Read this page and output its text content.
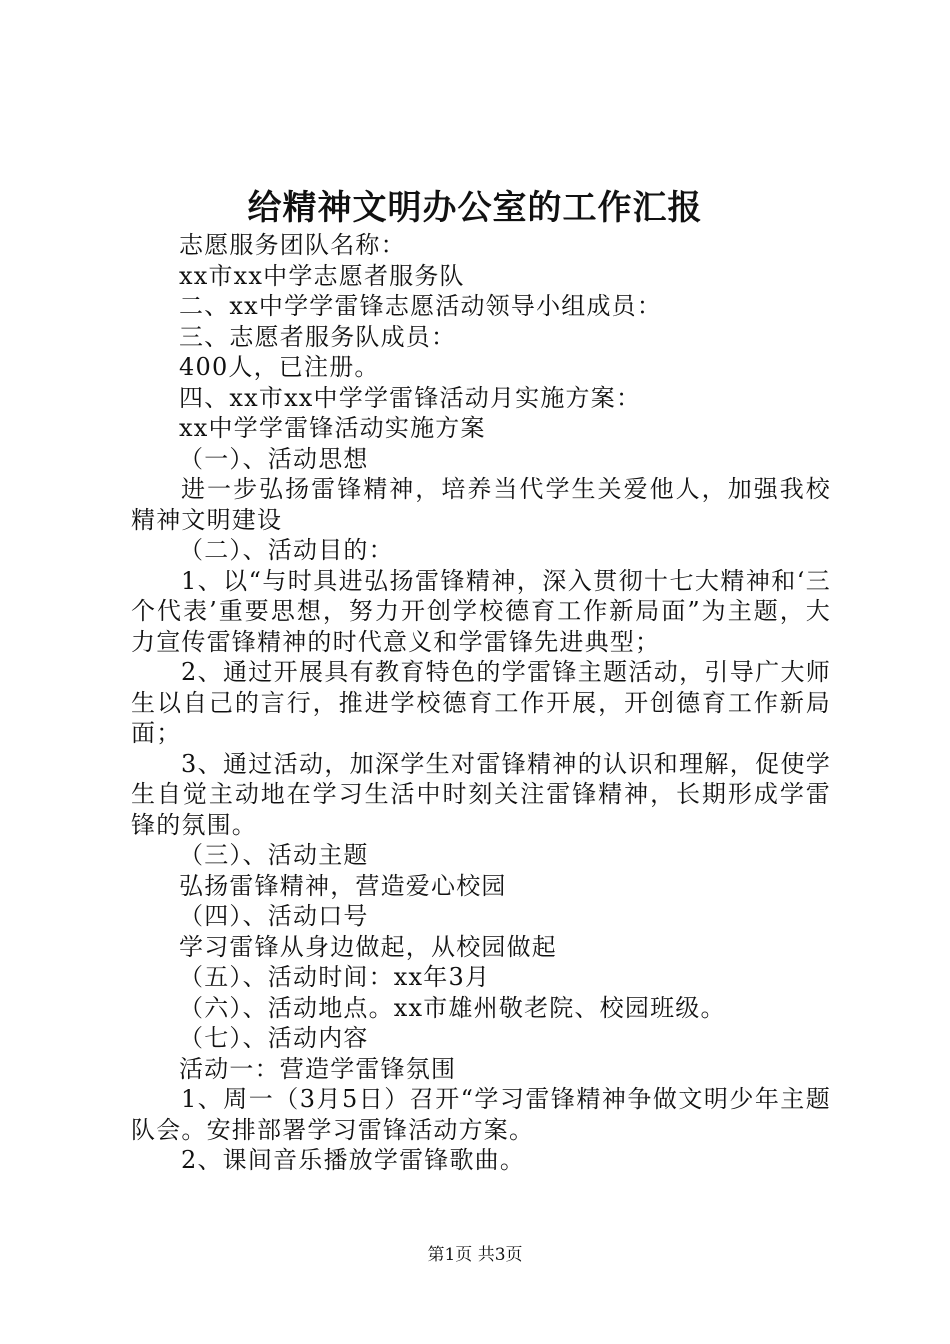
给精神文明办公室的工作汇报

志愿服务团队名称：

xx市xx中学志愿者服务队

二、xx中学学雷锋志愿活动领导小组成员：

三、志愿者服务队成员：

400人，已注册。

四、xx市xx中学学雷锋活动月实施方案：

xx中学学雷锋活动实施方案

（一）、活动思想

进一步弘扬雷锋精神，培养当代学生关爱他人，加强我校精神文明建设

（二）、活动目的：

1、以“与时具进弘扬雷锋精神，深入贯彻十七大精神和‘三个代表’重要思想，努力开创学校德育工作新局面”为主题，大力宣传雷锋精神的时代意义和学雷锋先进典型；

2、通过开展具有教育特色的学雷锋主题活动，引导广大师生以自己的言行，推进学校德育工作开展，开创德育工作新局面；

3、通过活动，加深学生对雷锋精神的认识和理解，促使学生自觉主动地在学习生活中时刻关注雷锋精神，长期形成学雷锋的氛围。

（三）、活动主题

弘扬雷锋精神，营造爱心校园

（四）、活动口号

学习雷锋从身边做起，从校园做起

（五）、活动时间：xx年3月

（六）、活动地点。xx市雄州敬老院、校园班级。

（七）、活动内容

活动一：营造学雷锋氛围

1、周一（3月5日）召开“学习雷锋精神争做文明少年主题队会。安排部署学习雷锋活动方案。

2、课间音乐播放学雷锋歌曲。

第1页 共3页
